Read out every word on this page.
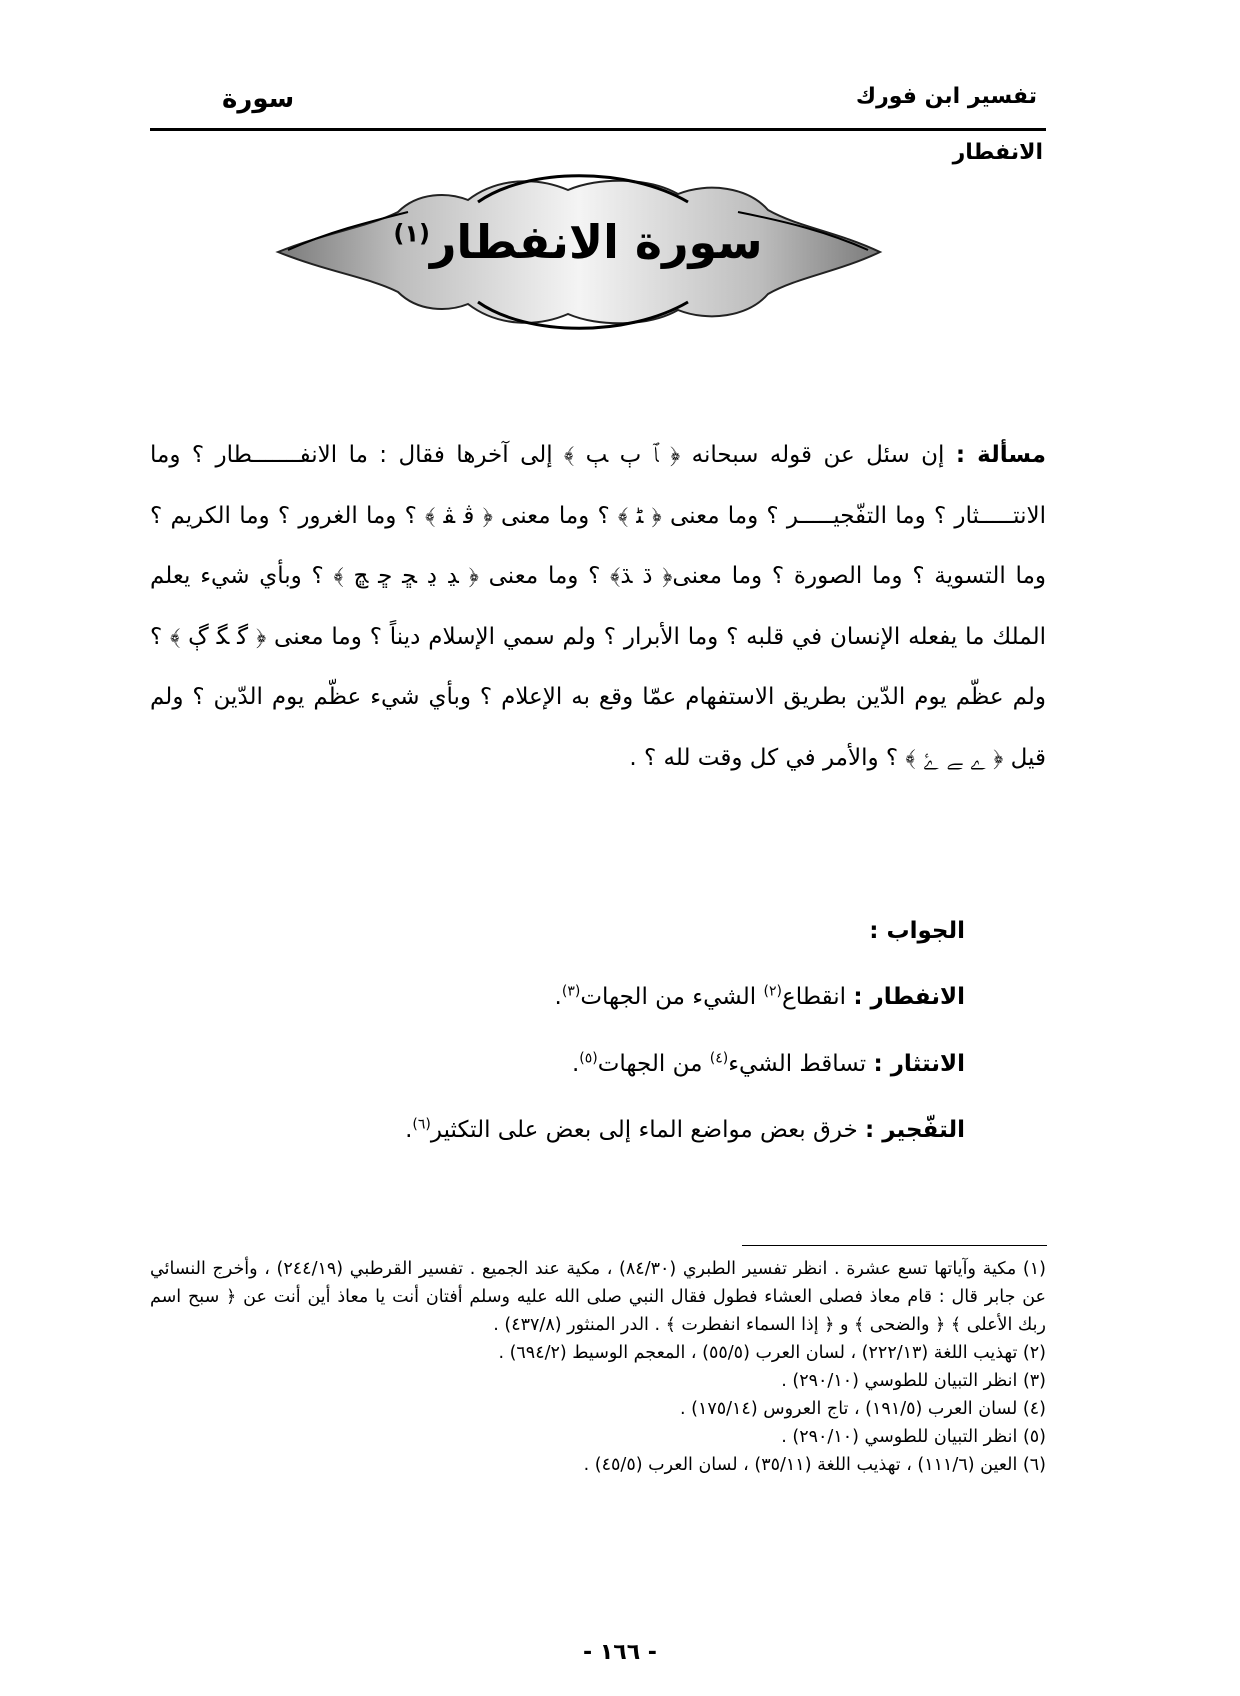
تفسير ابن فورك
سورة
الانفطار
سورة الانفطار$^{(١)}$
مسألة : إن سئل عن قوله سبحانه ﴿ ﭑ ﭒ ﭓ ﴾ إلى آخرها فقال : ما الانفـــــــطار ؟ وما الانتـــــثار ؟ وما التفّجيـــــر ؟ وما معنى ﴿ ﭩ ﴾ ؟ وما معنى ﴿ ﭬ ﭭ ﴾ ؟ وما الغرور ؟ وما الكريم ؟ وما التسوية ؟ وما الصورة ؟ وما معنى﴿ ﮄ ﮅ﴾ ؟ وما معنى ﴿ ﮃ ﮂ ﮁ ﮀ ﭿ ﴾ ؟ وبأي شيء يعلم الملك ما يفعله الإنسان في قلبه ؟ وما الأبرار ؟ ولم سمي الإسلام ديناً ؟ وما معنى ﴿ ﮔ ﮕ ﮖ ﴾ ؟ ولم عظّم يوم الدّين بطريق الاستفهام عمّا وقع به الإعلام ؟ وبأي شيء عظّم يوم الدّين ؟ ولم قيل ﴿ ﮮ ﮯ ﮰ ﴾ ؟ والأمر في كل وقت لله ؟ .
الجواب :
الانفطار : انقطاع$^{(٢)}$ الشيء من الجهات$^{(٣)}$.
الانتثار : تساقط الشيء$^{(٤)}$ من الجهات$^{(٥)}$.
التفّجير : خرق بعض مواضع الماء إلى بعض على التكثير$^{(٦)}$.
(١) مكية وآياتها تسع عشرة . انظر تفسير الطبري (٨٤/٣٠) ، مكية عند الجميع . تفسير القرطبي (٢٤٤/١٩) ، وأخرج النسائي عن جابر قال : قام معاذ فصلى العشاء فطول فقال النبي صلى الله عليه وسلم أفتان أنت يا معاذ أين أنت عن ﴿ سبح اسم ربك الأعلى ﴾ ﴿ والضحى ﴾ و ﴿ إذا السماء انفطرت ﴾ . الدر المنثور (٤٣٧/٨) .
(٢) تهذيب اللغة (٢٢٢/١٣) ، لسان العرب (٥٥/٥) ، المعجم الوسيط (٦٩٤/٢) .
(٣) انظر التبيان للطوسي (٢٩٠/١٠) .
(٤) لسان العرب (١٩١/٥) ، تاج العروس (١٧٥/١٤) .
(٥) انظر التبيان للطوسي (٢٩٠/١٠) .
(٦) العين (١١١/٦) ، تهذيب اللغة (٣٥/١١) ، لسان العرب (٤٥/٥) .
- ١٦٦ -
